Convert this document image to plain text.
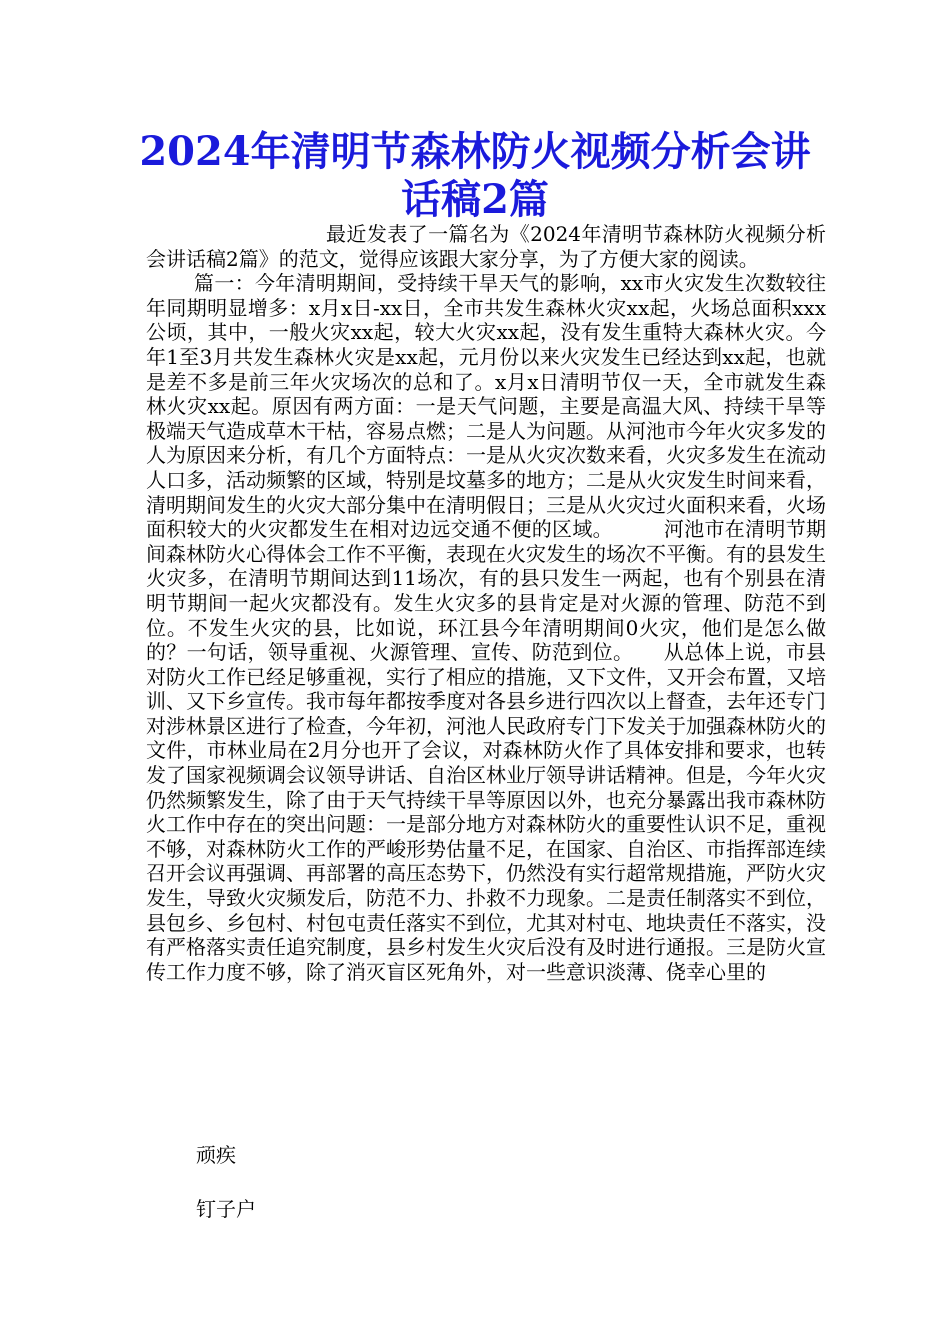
2024年清明节森林防火视频分析会讲话稿2篇

最近发表了一篇名为《2024年清明节森林防火视频分析会讲话稿2篇》的范文，觉得应该跟大家分享，为了方便大家的阅读。

篇一：今年清明期间，受持续干旱天气的影响，xx市火灾发生次数较往年同期明显增多：x月x日-xx日，全市共发生森林火灾xx起，火场总面积xxx公顷，其中，一般火灾xx起，较大火灾xx起，没有发生重特大森林火灾。今年1至3月共发生森林火灾是xx起，元月份以来火灾发生已经达到xx起，也就是差不多是前三年火灾场次的总和了。x月x日清明节仅一天，全市就发生森林火灾xx起。原因有两方面：一是天气问题，主要是高温大风、持续干旱等极端天气造成草木干枯，容易点燃；二是人为问题。从河池市今年火灾多发的人为原因来分析，有几个方面特点：一是从火灾次数来看，火灾多发生在流动人口多，活动频繁的区域，特别是坟墓多的地方；二是从火灾发生时间来看，清明期间发生的火灾大部分集中在清明假日；三是从火灾过火面积来看，火场面积较大的火灾都发生在相对边远交通不便的区域。　　　河池市在清明节期间森林防火心得体会工作不平衡，表现在火灾发生的场次不平衡。有的县发生火灾多，在清明节期间达到11场次，有的县只发生一两起，也有个别县在清明节期间一起火灾都没有。发生火灾多的县肯定是对火源的管理、防范不到位。不发生火灾的县，比如说，环江县今年清明期间0火灾，他们是怎么做的？一句话，领导重视、火源管理、宣传、防范到位。　　从总体上说，市县对防火工作已经足够重视，实行了相应的措施，又下文件，又开会布置，又培训、又下乡宣传。我市每年都按季度对各县乡进行四次以上督查，去年还专门对涉林景区进行了检查，今年初，河池人民政府专门下发关于加强森林防火的文件，市林业局在2月分也开了会议，对森林防火作了具体安排和要求，也转发了国家视频调会议领导讲话、自治区林业厅领导讲话精神。但是，今年火灾仍然频繁发生，除了由于天气持续干旱等原因以外，也充分暴露出我市森林防火工作中存在的突出问题：一是部分地方对森林防火的重要性认识不足，重视不够，对森林防火工作的严峻形势估量不足，在国家、自治区、市指挥部连续召开会议再强调、再部署的高压态势下，仍然没有实行超常规措施，严防火灾发生，导致火灾频发后，防范不力、扑救不力现象。二是责任制落实不到位，县包乡、乡包村、村包屯责任落实不到位，尤其对村屯、地块责任不落实，没有严格落实责任追究制度，县乡村发生火灾后没有及时进行通报。三是防火宣传工作力度不够，除了消灭盲区死角外，对一些意识淡薄、侥幸心里的

顽疾

钉子户
